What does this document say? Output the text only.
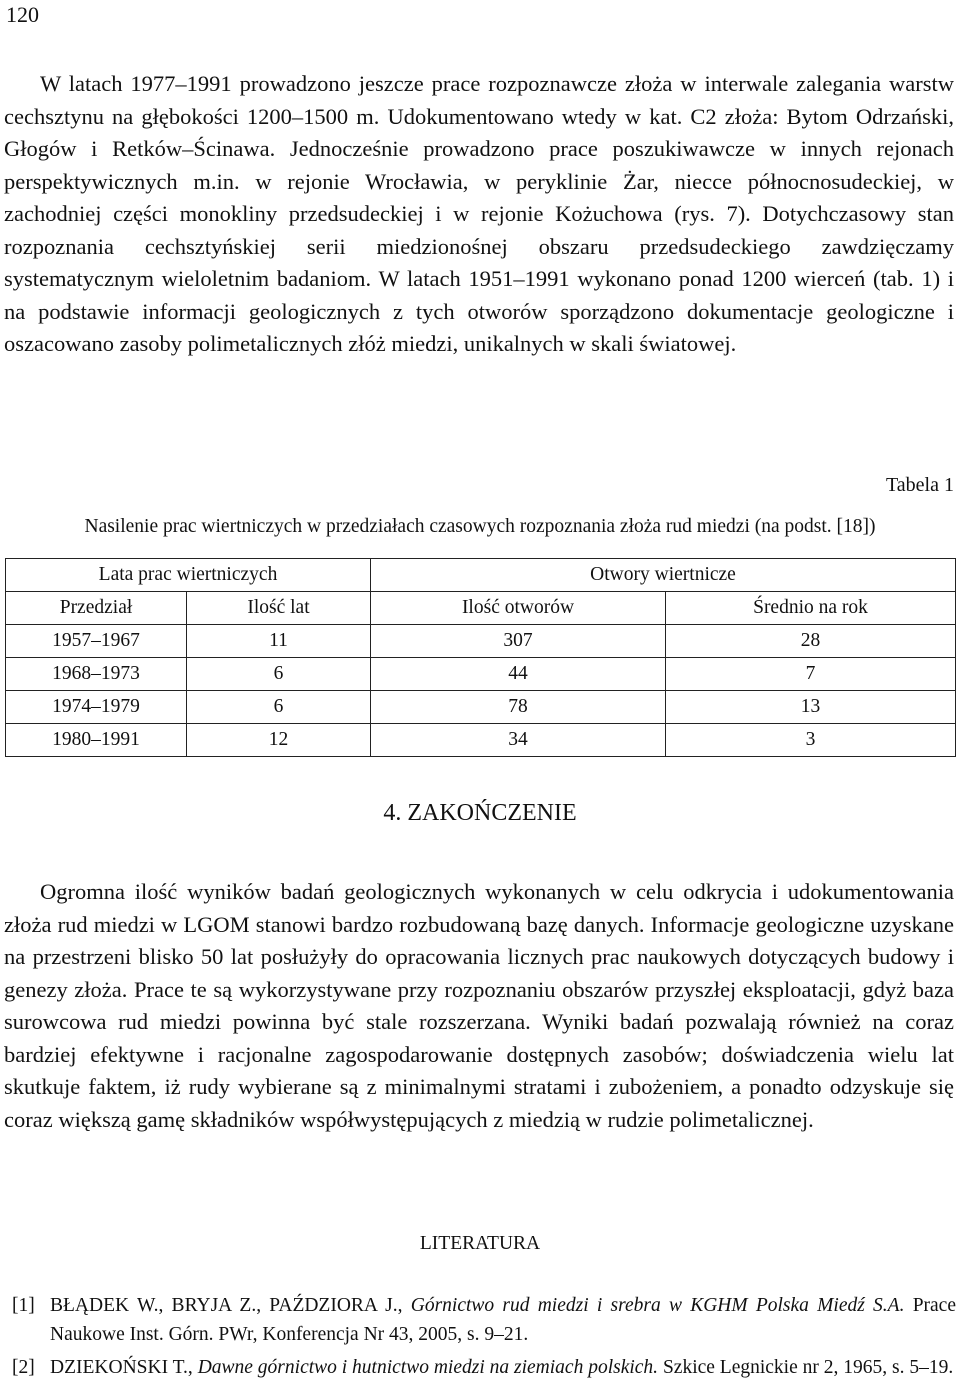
120

W latach 1977–1991 prowadzono jeszcze prace rozpoznawcze złoża w interwale zalegania warstw cechsztynu na głębokości 1200–1500 m. Udokumentowano wtedy w kat. C2 złoża: Bytom Odrzański, Głogów i Retków–Ścinawa. Jednocześnie prowadzono prace poszukiwawcze w innych rejonach perspektywicznych m.in. w rejonie Wrocławia, w peryklinie Żar, niecce północnosudeckiej, w zachodniej części monokliny przedsudeckiej i w rejonie Kożuchowa (rys. 7). Dotychczasowy stan rozpoznania cechsztyńskiej serii miedzionośnej obszaru przedsudeckiego zawdzięczamy systematycznym wieloletnim badaniom. W latach 1951–1991 wykonano ponad 1200 wierceń (tab. 1) i na podstawie informacji geologicznych z tych otworów sporządzono dokumentacje geologiczne i oszacowano zasoby polimetalicznych złóż miedzi, unikalnych w skali światowej.

Tabela 1
Nasilenie prac wiertniczych w przedziałach czasowych rozpoznania złoża rud miedzi (na podst. [18])
Lata prac wiertniczych		Otwory wiertnicze	
Przedział	Ilość lat	Ilość otworów	Średnio na rok
1957–1967	11	307	28
1968–1973	6	44	7
1974–1979	6	78	13
1980–1991	12	34	3
4. ZAKOŃCZENIE

Ogromna ilość wyników badań geologicznych wykonanych w celu odkrycia i udokumentowania złoża rud miedzi w LGOM stanowi bardzo rozbudowaną bazę danych. Informacje geologiczne uzyskane na przestrzeni blisko 50 lat posłużyły do opracowania licznych prac naukowych dotyczących budowy i genezy złoża. Prace te są wykorzystywane przy rozpoznaniu obszarów przyszłej eksploatacji, gdyż baza surowcowa rud miedzi powinna być stale rozszerzana. Wyniki badań pozwalają również na coraz bardziej efektywne i racjonalne zagospodarowanie dostępnych zasobów; doświadczenia wielu lat skutkuje faktem, iż rudy wybierane są z minimalnymi stratami i zubożeniem, a ponadto odzyskuje się coraz większą gamę składników współwystępujących z miedzią w rudzie polimetalicznej.

LITERATURA
[1] BŁĄDEK W., BRYJA Z., PAŹDZIORA J., Górnictwo rud miedzi i srebra w KGHM Polska Miedź S.A. Prace Naukowe Inst. Górn. PWr, Konferencja Nr 43, 2005, s. 9–21.
[2] DZIEKOŃSKI T., Dawne górnictwo i hutnictwo miedzi na ziemiach polskich. Szkice Legnickie nr 2, 1965, s. 5–19.
